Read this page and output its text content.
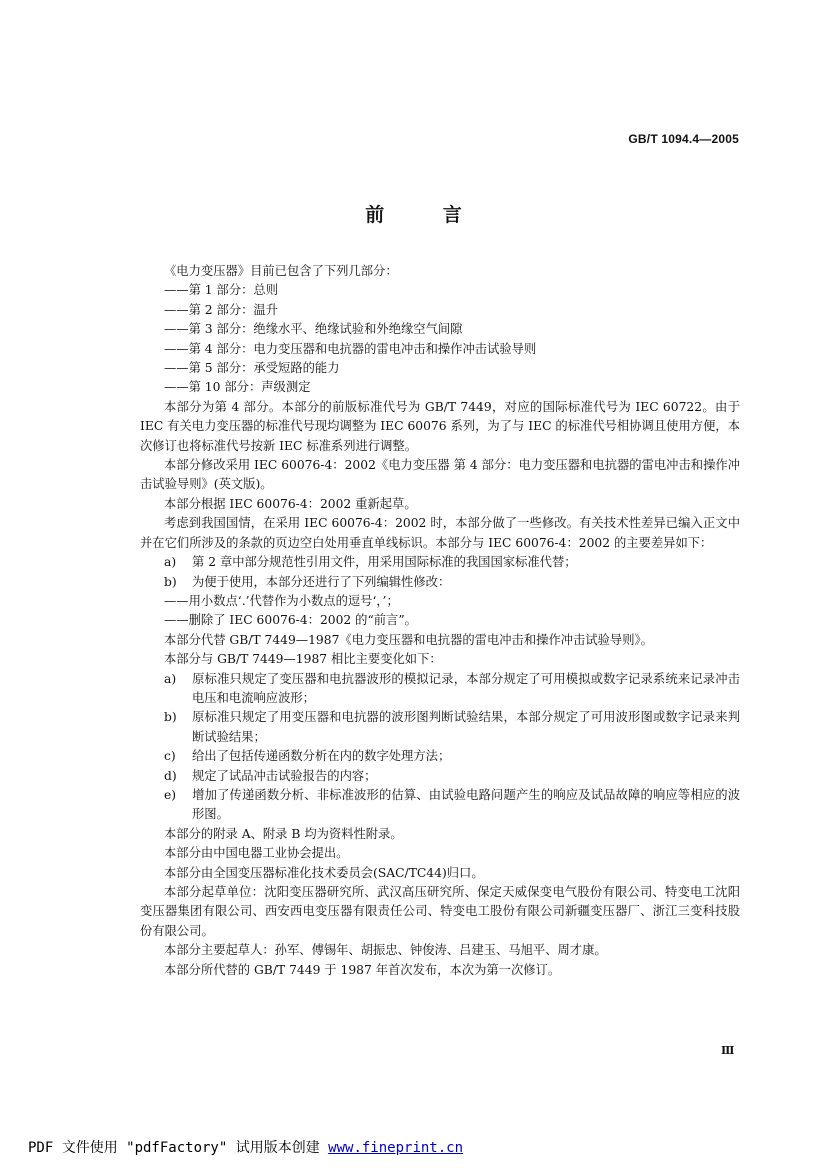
GB/T 1094.4—2005
前 言
《电力变压器》目前已包含了下列几部分：
——第 1 部分：总则
——第 2 部分：温升
——第 3 部分：绝缘水平、绝缘试验和外绝缘空气间隙
——第 4 部分：电力变压器和电抗器的雷电冲击和操作冲击试验导则
——第 5 部分：承受短路的能力
——第 10 部分：声级测定
本部分为第 4 部分。本部分的前版标准代号为 GB/T 7449，对应的国际标准代号为 IEC 60722。由于 IEC 有关电力变压器的标准代号现均调整为 IEC 60076 系列，为了与 IEC 的标准代号相协调且使用方便，本次修订也将标准代号按新 IEC 标准系列进行调整。
本部分修改采用 IEC 60076-4：2002《电力变压器 第 4 部分：电力变压器和电抗器的雷电冲击和操作冲击试验导则》(英文版)。
本部分根据 IEC 60076-4：2002 重新起草。
考虑到我国国情，在采用 IEC 60076-4：2002 时，本部分做了一些修改。有关技术性差异已编入正文中并在它们所涉及的条款的页边空白处用垂直单线标识。本部分与 IEC 60076-4：2002 的主要差异如下：
a) 第 2 章中部分规范性引用文件，用采用国际标准的我国国家标准代替；
b) 为便于使用，本部分还进行了下列编辑性修改：
——用小数点‘.’代替作为小数点的逗号‘，’；
——删除了 IEC 60076-4：2002 的“前言”。
本部分代替 GB/T 7449—1987《电力变压器和电抗器的雷电冲击和操作冲击试验导则》。
本部分与 GB/T 7449—1987 相比主要变化如下：
a) 原标准只规定了变压器和电抗器波形的模拟记录，本部分规定了可用模拟或数字记录系统来记录冲击电压和电流响应波形；
b) 原标准只规定了用变压器和电抗器的波形图判断试验结果，本部分规定了可用波形图或数字记录来判断试验结果；
c) 给出了包括传递函数分析在内的数字处理方法；
d) 规定了试品冲击试验报告的内容；
e) 增加了传递函数分析、非标准波形的估算、由试验电路问题产生的响应及试品故障的响应等相应的波形图。
本部分的附录 A、附录 B 均为资料性附录。
本部分由中国电器工业协会提出。
本部分由全国变压器标准化技术委员会(SAC/TC44)归口。
本部分起草单位：沈阳变压器研究所、武汉高压研究所、保定天威保变电气股份有限公司、特变电工沈阳变压器集团有限公司、西安西电变压器有限责任公司、特变电工股份有限公司新疆变压器厂、浙江三变科技股份有限公司。
本部分主要起草人：孙军、傅锡年、胡振忠、钟俊涛、吕建玉、马旭平、周才康。
本部分所代替的 GB/T 7449 于 1987 年首次发布，本次为第一次修订。
Ⅲ
PDF 文件使用 "pdfFactory" 试用版本创建 www.fineprint.cn
